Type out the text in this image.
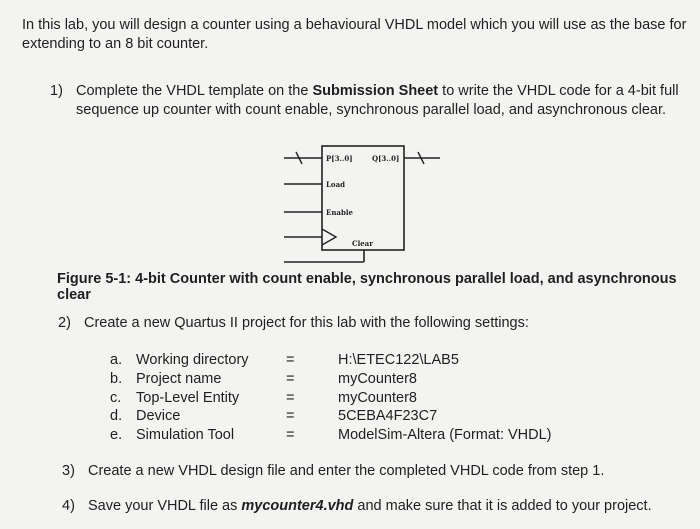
In this lab, you will design a counter using a behavioural VHDL model which you will use as the base for extending to an 8 bit counter.
1) Complete the VHDL template on the Submission Sheet to write the VHDL code for a 4-bit full sequence up counter with count enable, synchronous parallel load, and asynchronous clear.
P[3..0]	Q[3..0]
Load
Enable
Clear
Figure 5-1: 4-bit Counter with count enable, synchronous parallel load, and asynchronous clear
2) Create a new Quartus II project for this lab with the following settings:
a. Working directory	=	H:\ETEC122\LAB5
b. Project name	=	myCounter8
c. Top-Level Entity	=	myCounter8
d. Device	=	5CEBA4F23C7
e. Simulation Tool	=	ModelSim-Altera (Format: VHDL)
3) Create a new VHDL design file and enter the completed VHDL code from step 1.
4) Save your VHDL file as mycounter4.vhd and make sure that it is added to your project.
